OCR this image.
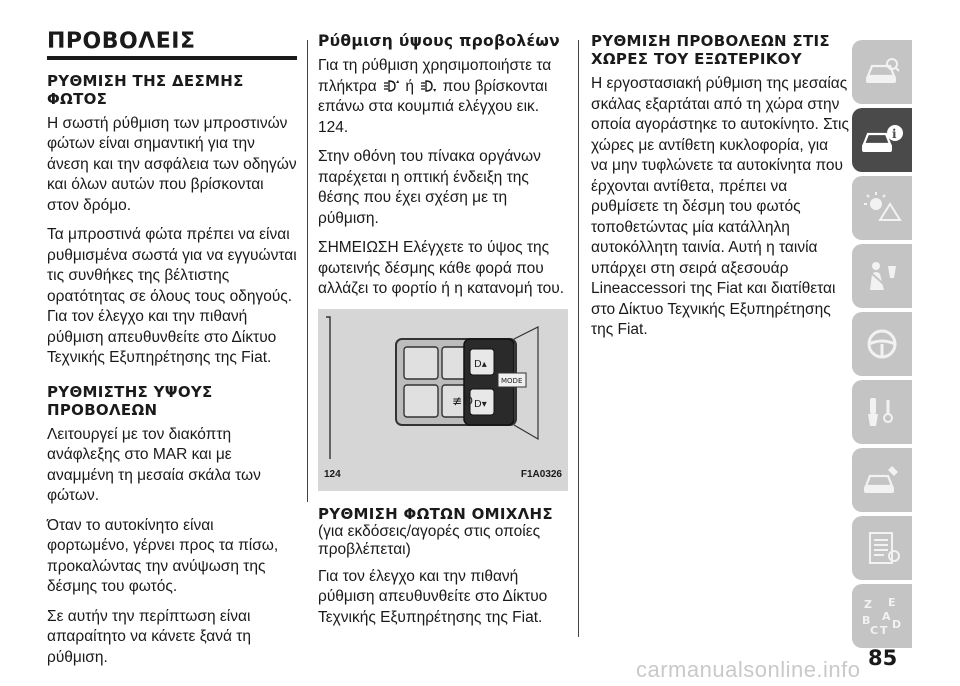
ΠΡΟΒΟΛΕΙΣ
ΡΥΘΜΙΣΗ ΤΗΣ ΔΕΣΜΗΣ ΦΩΤΟΣ

Η σωστή ρύθμιση των μπροστινών φώτων είναι σημαντική για την άνεση και την ασφάλεια των οδηγών και όλων αυτών που βρίσκονται στον δρόμο.

Τα μπροστινά φώτα πρέπει να είναι ρυθμισμένα σωστά για να εγγυώνται τις συνθήκες της βέλτιστης ορατότητας σε όλους τους οδηγούς. Για τον έλεγχο και την πιθανή ρύθμιση απευθυνθείτε στο Δίκτυο Τεχνικής Εξυπηρέτησης της Fiat.

ΡΥΘΜΙΣΤΗΣ ΥΨΟΥΣ ΠΡΟΒΟΛΕΩΝ

Λειτουργεί με τον διακόπτη ανάφλεξης στο MAR και με αναμμένη τη μεσαία σκάλα των φώτων.

Όταν το αυτοκίνητο είναι φορτωμένο, γέρνει προς τα πίσω, προκαλώντας την ανύψωση της δέσμης του φωτός.

Σε αυτήν την περίπτωση είναι απαραίτητο να κάνετε ξανά τη ρύθμιση.

Ρύθμιση ύψους προβολέων

Για τη ρύθμιση χρησιμοποιήστε τα πλήκτρα ή που βρίσκονται επάνω στα κουμπιά ελέγχου εικ. 124.

Στην οθόνη του πίνακα οργάνων παρέχεται η οπτική ένδειξη της θέσης που έχει σχέση με τη ρύθμιση.

ΣΗΜΕΙΩΣΗ Ελέγχετε το ύψος της φωτεινής δέσμης κάθε φορά που αλλάζει το φορτίο ή η κατανομή του.

≢Ｄ
D▴
D▾
MODE
124	F1A0326
ΡΥΘΜΙΣΗ ΦΩΤΩΝ ΟΜΙΧΛΗΣ
(για εκδόσεις/αγορές στις οποίες προβλέπεται)

Για τον έλεγχο και την πιθανή ρύθμιση απευθυνθείτε στο Δίκτυο Τεχνικής Εξυπηρέτησης της Fiat.

ΡΥΘΜΙΣΗ ΠΡΟΒΟΛΕΩΝ ΣΤΙΣ ΧΩΡΕΣ ΤΟΥ ΕΞΩΤΕΡΙΚΟΥ

Η εργοστασιακή ρύθμιση της μεσαίας σκάλας εξαρτάται από τη χώρα στην οποία αγοράστηκε το αυτοκίνητο. Στις χώρες με αντίθετη κυκλοφορία, για να μην τυφλώνετε τα αυτοκίνητα που έρχονται αντίθετα, πρέπει να ρυθμίσετε τη δέσμη του φωτός τοποθετώντας μία κατάλληλη αυτοκόλλητη ταινία. Αυτή η ταινία υπάρχει στη σειρά αξεσουάρ Lineaccessori της Fiat και διατίθεται στο Δίκτυο Τεχνικής Εξυπηρέτησης της Fiat.

i
Z E
A
B
C T D
85
carmanualsonline.info
